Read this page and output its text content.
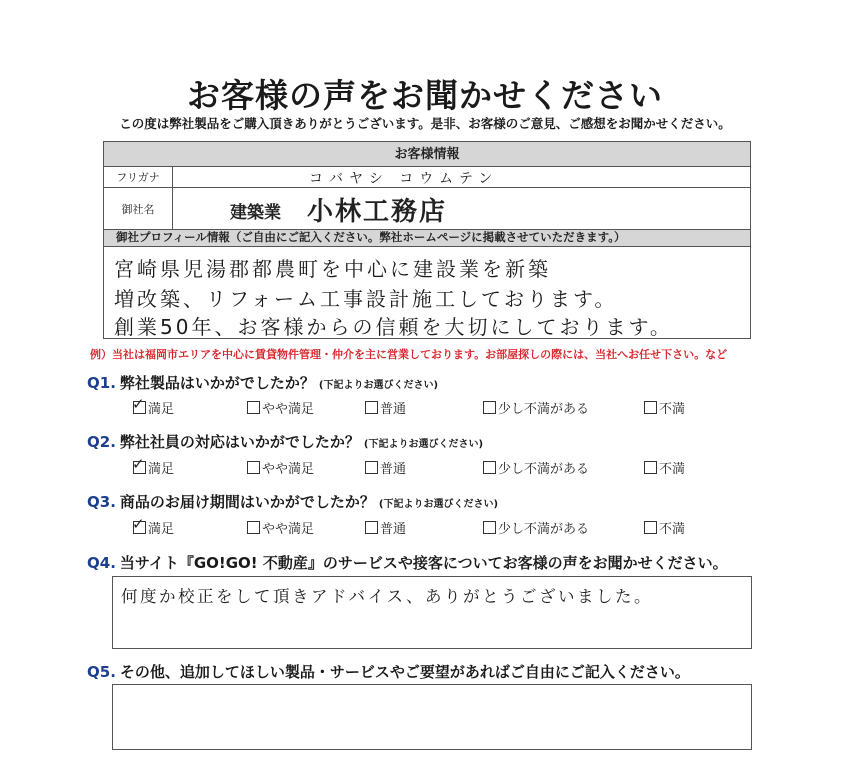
お客様の声をお聞かせください
この度は弊社製品をご購入頂きありがとうございます。是非、お客様のご意見、ご感想をお聞かせください。
お客様情報
フリガナ	コバヤシ コウムテン
御社名	建築業 小林工務店
御社プロフィール情報（ご自由にご記入ください。弊社ホームページに掲載させていただきます。）
宮崎県児湯郡都農町を中心に建設業を新築
増改築、リフォーム工事設計施工しております。
創業50年、お客様からの信頼を大切にしております。
例）当社は福岡市エリアを中心に賃貸物件管理・仲介を主に営業しております。お部屋探しの際には、当社へお任せ下さい。など
Q1. 弊社製品はいかがでしたか？ (下記よりお選びください)
✓ 満足	やや満足	普通	少し不満がある	不満
Q2. 弊社社員の対応はいかがでしたか？ (下記よりお選びください)
✓ 満足	やや満足	普通	少し不満がある	不満
Q3. 商品のお届け期間はいかがでしたか？ (下記よりお選びください)
✓ 満足	やや満足	普通	少し不満がある	不満
Q4. 当サイト『GO!GO! 不動産』のサービスや接客についてお客様の声をお聞かせください。
何度か校正をして頂きアドバイス、ありがとうございました。
Q5. その他、追加してほしい製品・サービスやご要望があればご自由にご記入ください。
